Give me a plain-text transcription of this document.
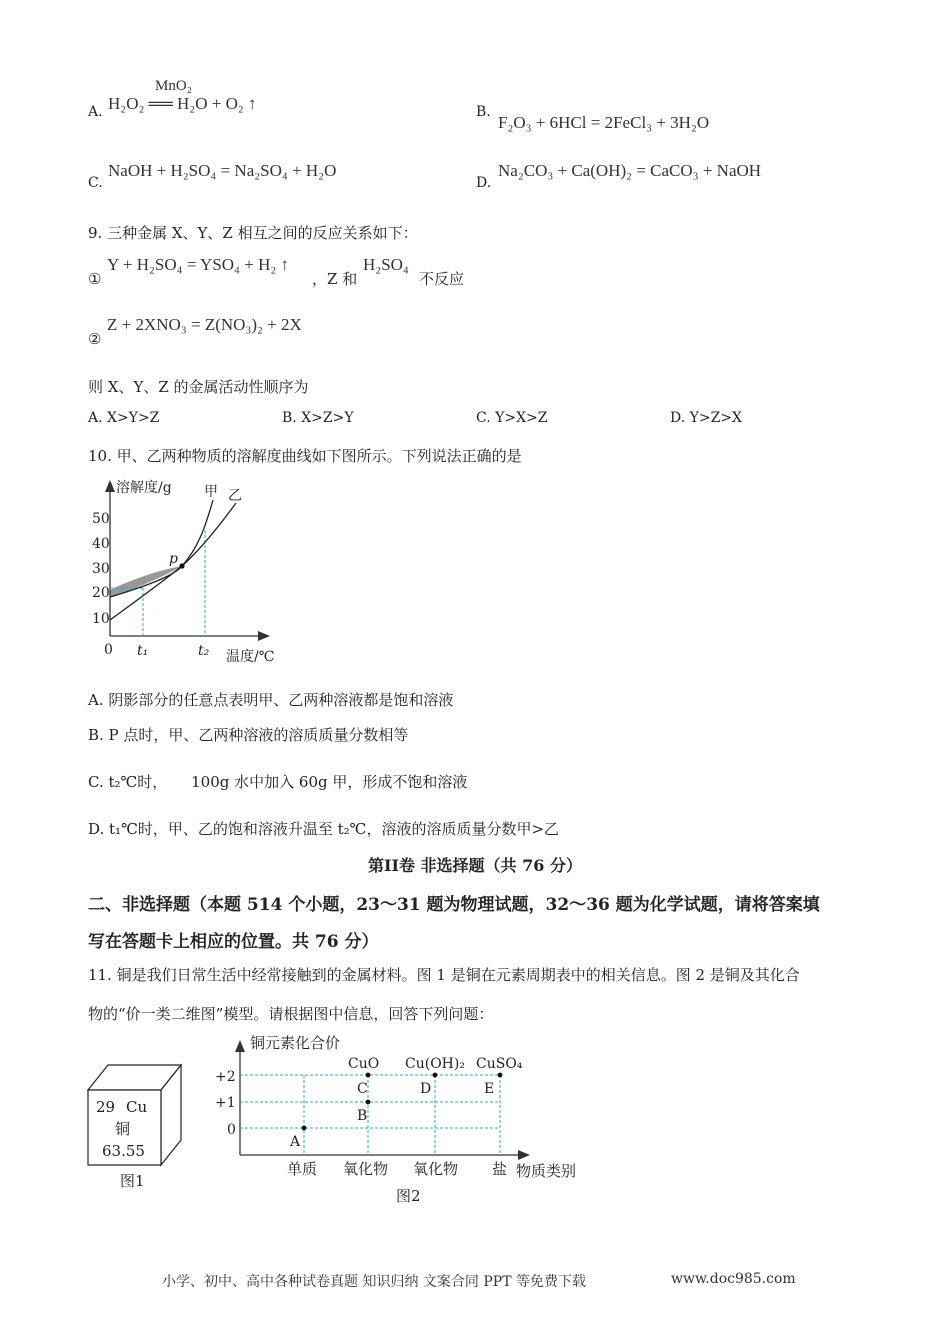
A.
MnO₂
H₂O₂ ══ H₂O + O₂ ↑	B.
F₂O₃ + 6HCl = 2FeCl₃ + 3H₂O
C.
NaOH + H₂SO₄ = Na₂SO₄ + H₂O
D.
Na₂CO₃ + Ca(OH)₂ = CaCO₃ + NaOH
9. 三种金属 X、Y、Z 相互之间的反应关系如下：
①
Y + H₂SO₄ = YSO₄ + H₂ ↑
，Z 和
H₂SO₄
不反应
②
Z + 2XNO₃ = Z(NO₃)₂ + 2X
则 X、Y、Z 的金属活动性顺序为
A. X>Y>Z	B. X>Z>Y	C. Y>X>Z	D. Y>Z>X
10. 甲、乙两种物质的溶解度曲线如下图所示。下列说法正确的是
50
40
30
20
10
0 t₁	t₂ 温度/℃
溶解度/g 甲 乙
p
A. 阴影部分的任意点表明甲、乙两种溶液都是饱和溶液
B. P 点时，甲、乙两种溶液的溶质质量分数相等
C. t₂℃时，     100g 水中加入 60g 甲，形成不饱和溶液
D. t₁℃时，甲、乙的饱和溶液升温至 t₂℃，溶液的溶质质量分数甲>乙
第II卷 非选择题（共 76 分）
二、非选择题（本题 514 个小题，23～31 题为物理试题，32～36 题为化学试题，请将答案填
写在答题卡上相应的位置。共 76 分）
11. 铜是我们日常生活中经常接触到的金属材料。图 1 是铜在元素周期表中的相关信息。图 2 是铜及其化合
物的“价一类二维图”模型。请根据图中信息，回答下列问题：
29 Cu
铜
63.55
图1
铜元素化合价
+2
+1
0
CuO Cu(OH)₂ CuSO₄
A
B
C	D	E
单质 氧化物 氧化物 盐 物质类别
图2
小学、初中、高中各种试卷真题 知识归纳 文案合同 PPT 等免费下载	www.doc985.com
